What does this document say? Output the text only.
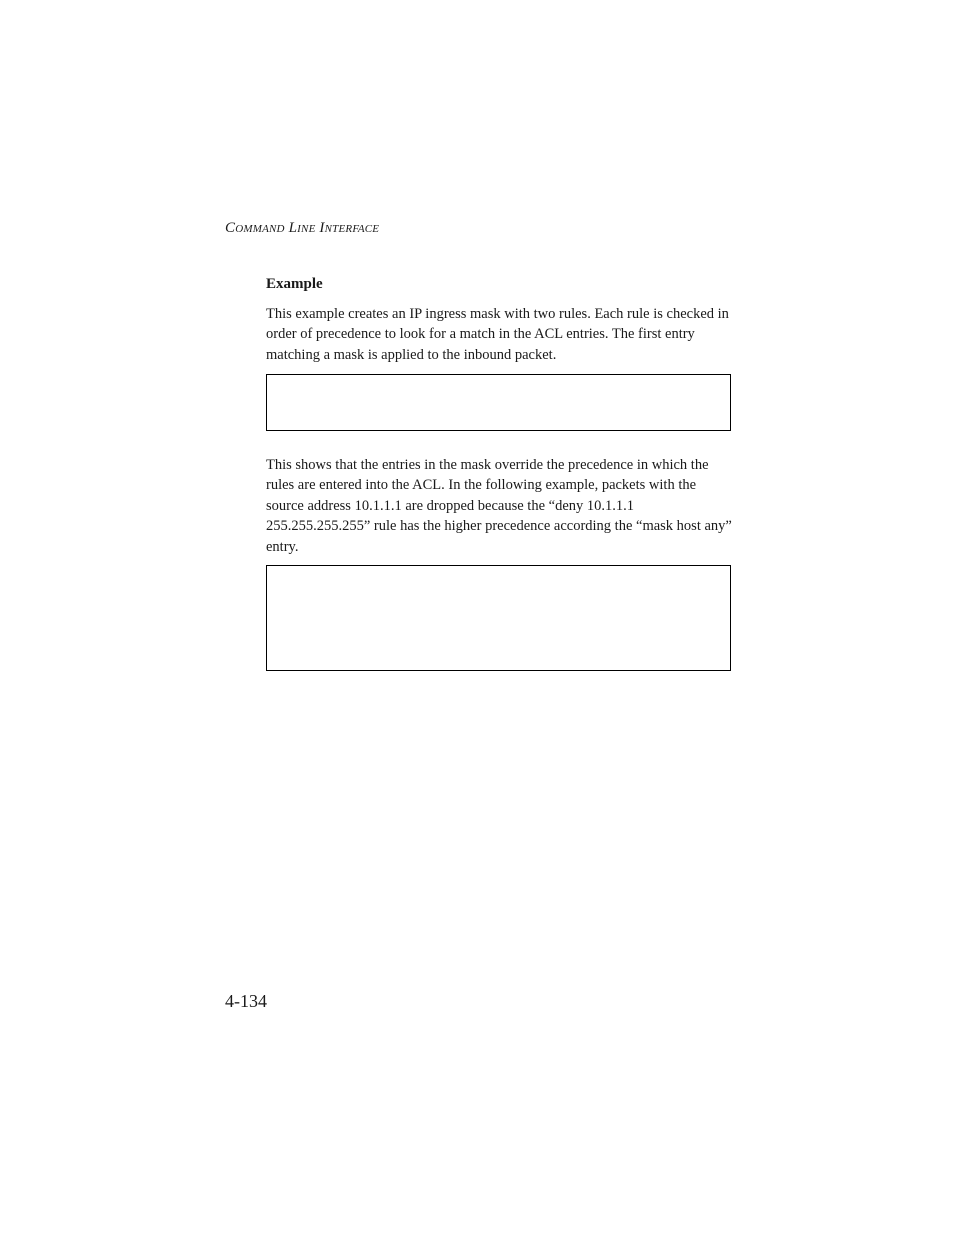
Command Line Interface
Example

This example creates an IP ingress mask with two rules. Each rule is checked in order of precedence to look for a match in the ACL entries. The first entry matching a mask is applied to the inbound packet.

This shows that the entries in the mask override the precedence in which the rules are entered into the ACL. In the following example, packets with the source address 10.1.1.1 are dropped because the “deny 10.1.1.1 255.255.255.255” rule has the higher precedence according the “mask host any” entry.

4-134
